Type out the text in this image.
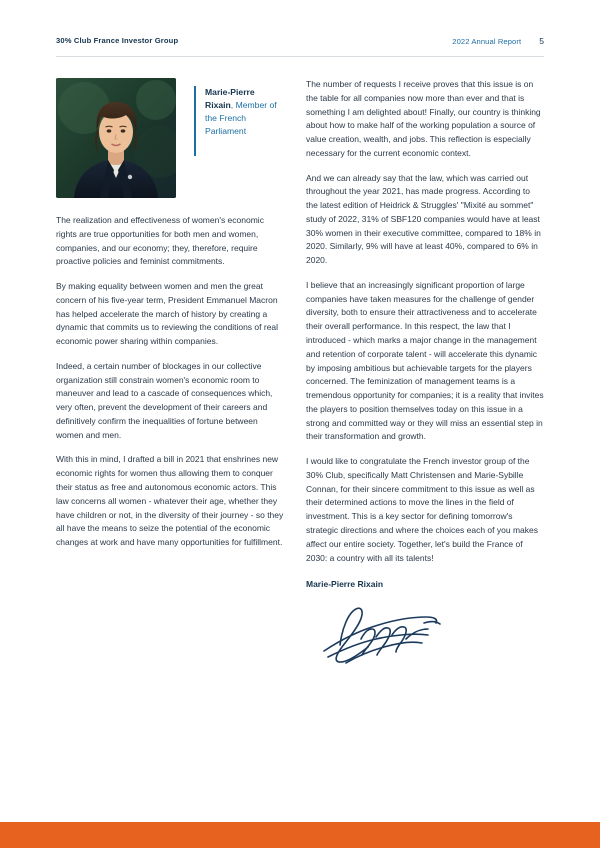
30% Club France Investor Group	2022 Annual Report 5
Marie-Pierre Rixain, Member of the French Parliament

The realization and effectiveness of women's economic rights are true opportunities for both men and women, companies, and our economy; they, therefore, require proactive policies and feminist commitments.

By making equality between women and men the great concern of his five-year term, President Emmanuel Macron has helped accelerate the march of history by creating a dynamic that commits us to reviewing the conditions of real economic power sharing within companies.

Indeed, a certain number of blockages in our collective organization still constrain women's economic room to maneuver and lead to a cascade of consequences which, very often, prevent the development of their careers and definitively confirm the inequalities of fortune between women and men.

With this in mind, I drafted a bill in 2021 that enshrines new economic rights for women thus allowing them to conquer their status as free and autonomous economic actors. This law concerns all women - whatever their age, whether they have children or not, in the diversity of their journey - so they all have the means to seize the potential of the economic changes at work and have many opportunities for fulfillment.

The number of requests I receive proves that this issue is on the table for all companies now more than ever and that is something I am delighted about! Finally, our country is thinking about how to make half of the working population a source of value creation, wealth, and jobs. This reflection is especially necessary for the current economic context.

And we can already say that the law, which was carried out throughout the year 2021, has made progress. According to the latest edition of Heidrick & Struggles' "Mixité au sommet" study of 2022, 31% of SBF120 companies would have at least 30% women in their executive committee, compared to 18% in 2020. Similarly, 9% will have at least 40%, compared to 6% in 2020.

I believe that an increasingly significant proportion of large companies have taken measures for the challenge of gender diversity, both to ensure their attractiveness and to accelerate their overall performance. In this respect, the law that I introduced - which marks a major change in the management and retention of corporate talent - will accelerate this dynamic by imposing ambitious but achievable targets for the players concerned. The feminization of management teams is a tremendous opportunity for companies; it is a reality that invites the players to position themselves today on this issue in a strong and committed way or they will miss an essential step in their transformation and growth.

I would like to congratulate the French investor group of the 30% Club, specifically Matt Christensen and Marie-Sybille Connan, for their sincere commitment to this issue as well as their determined actions to move the lines in the field of investment. This is a key sector for defining tomorrow's strategic directions and where the choices each of you makes affect our entire society. Together, let's build the France of 2030: a country with all its talents!

Marie-Pierre Rixain
